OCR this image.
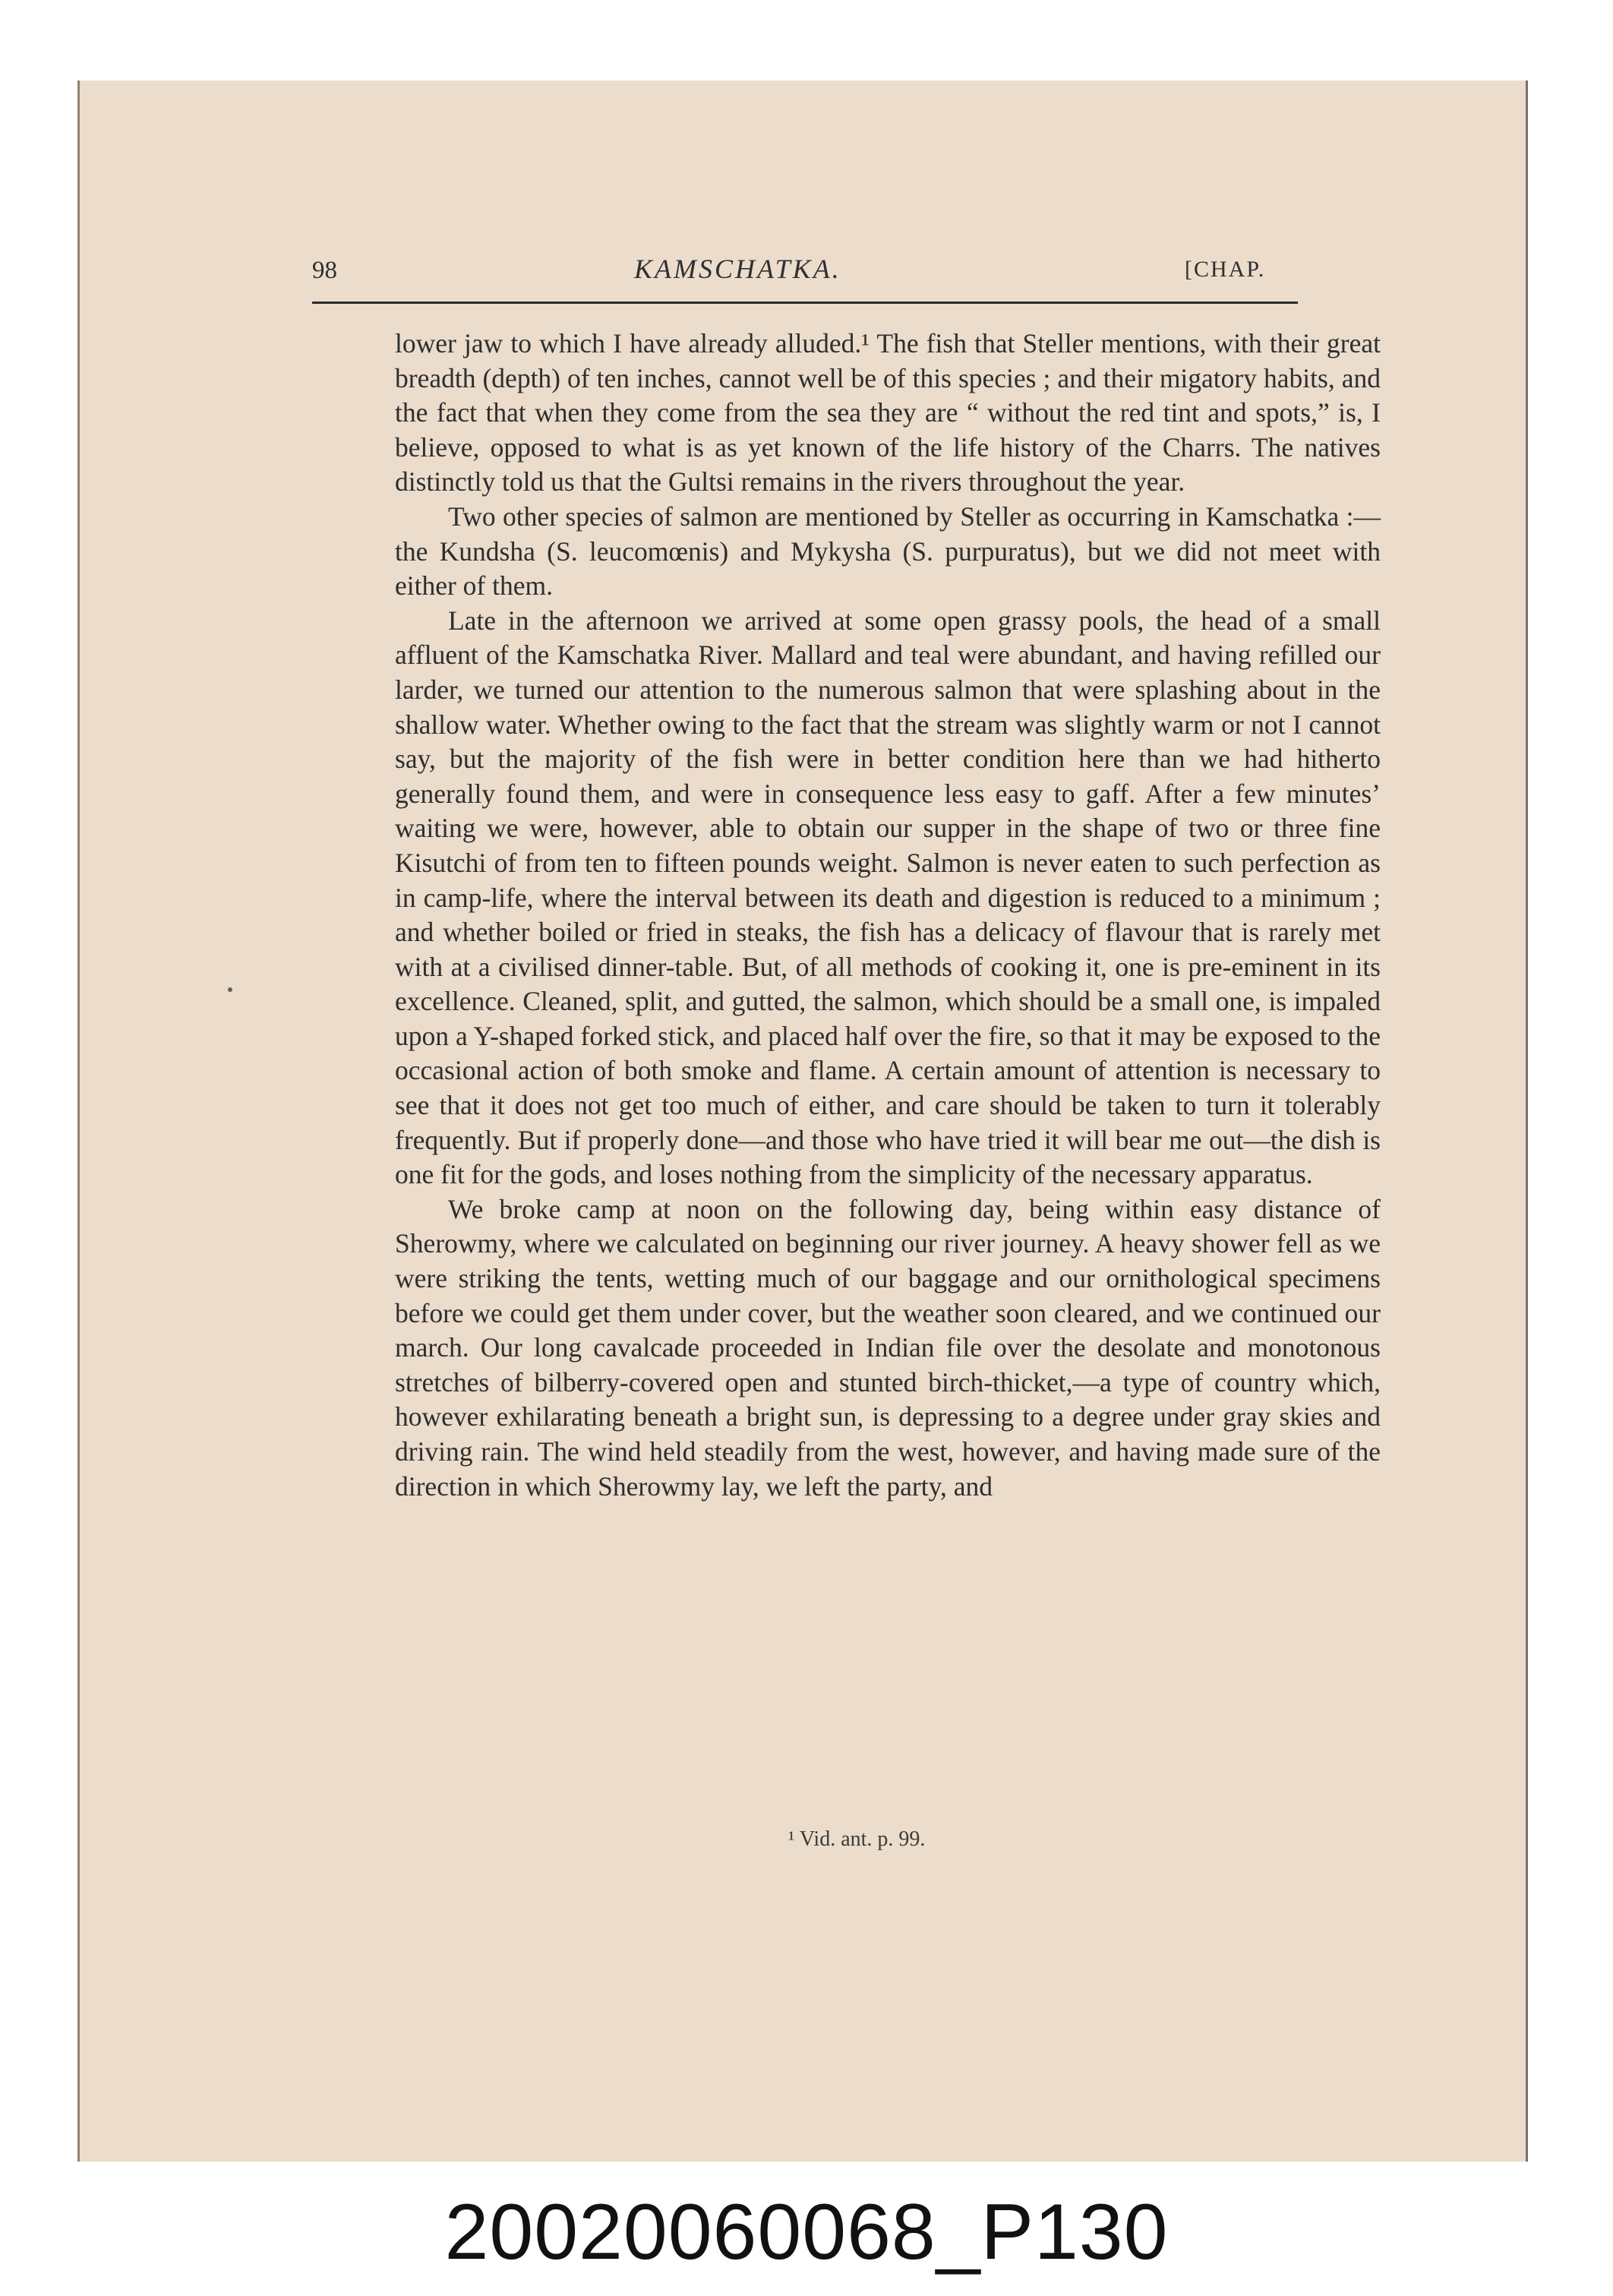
98	KAMSCHATKA.	[CHAP.

lower jaw to which I have already alluded.¹ The fish that Steller mentions, with their great breadth (depth) of ten inches, cannot well be of this species ; and their migatory habits, and the fact that when they come from the sea they are “ without the red tint and spots,” is, I believe, opposed to what is as yet known of the life history of the Charrs. The natives distinctly told us that the Gultsi remains in the rivers throughout the year.

Two other species of salmon are mentioned by Steller as occurring in Kamschatka :—the Kundsha (S. leucomœnis) and Mykysha (S. purpuratus), but we did not meet with either of them.

Late in the afternoon we arrived at some open grassy pools, the head of a small affluent of the Kamschatka River. Mallard and teal were abundant, and having refilled our larder, we turned our attention to the numerous salmon that were splashing about in the shallow water. Whether owing to the fact that the stream was slightly warm or not I cannot say, but the majority of the fish were in better condition here than we had hitherto generally found them, and were in consequence less easy to gaff. After a few minutes’ waiting we were, however, able to obtain our supper in the shape of two or three fine Kisutchi of from ten to fifteen pounds weight. Salmon is never eaten to such perfection as in camp-life, where the interval between its death and digestion is reduced to a minimum ; and whether boiled or fried in steaks, the fish has a delicacy of flavour that is rarely met with at a civilised dinner-table. But, of all methods of cooking it, one is pre-eminent in its excellence. Cleaned, split, and gutted, the salmon, which should be a small one, is impaled upon a Y-shaped forked stick, and placed half over the fire, so that it may be exposed to the occasional action of both smoke and flame. A certain amount of attention is necessary to see that it does not get too much of either, and care should be taken to turn it tolerably frequently. But if properly done—and those who have tried it will bear me out—the dish is one fit for the gods, and loses nothing from the simplicity of the necessary apparatus.

We broke camp at noon on the following day, being within easy distance of Sherowmy, where we calculated on beginning our river journey. A heavy shower fell as we were striking the tents, wetting much of our baggage and our ornithological specimens before we could get them under cover, but the weather soon cleared, and we continued our march. Our long cavalcade proceeded in Indian file over the desolate and monotonous stretches of bilberry-covered open and stunted birch-thicket,—a type of country which, however exhilarating beneath a bright sun, is depressing to a degree under gray skies and driving rain. The wind held steadily from the west, however, and having made sure of the direction in which Sherowmy lay, we left the party, and

¹ Vid. ant. p. 99.
20020060068_P130
